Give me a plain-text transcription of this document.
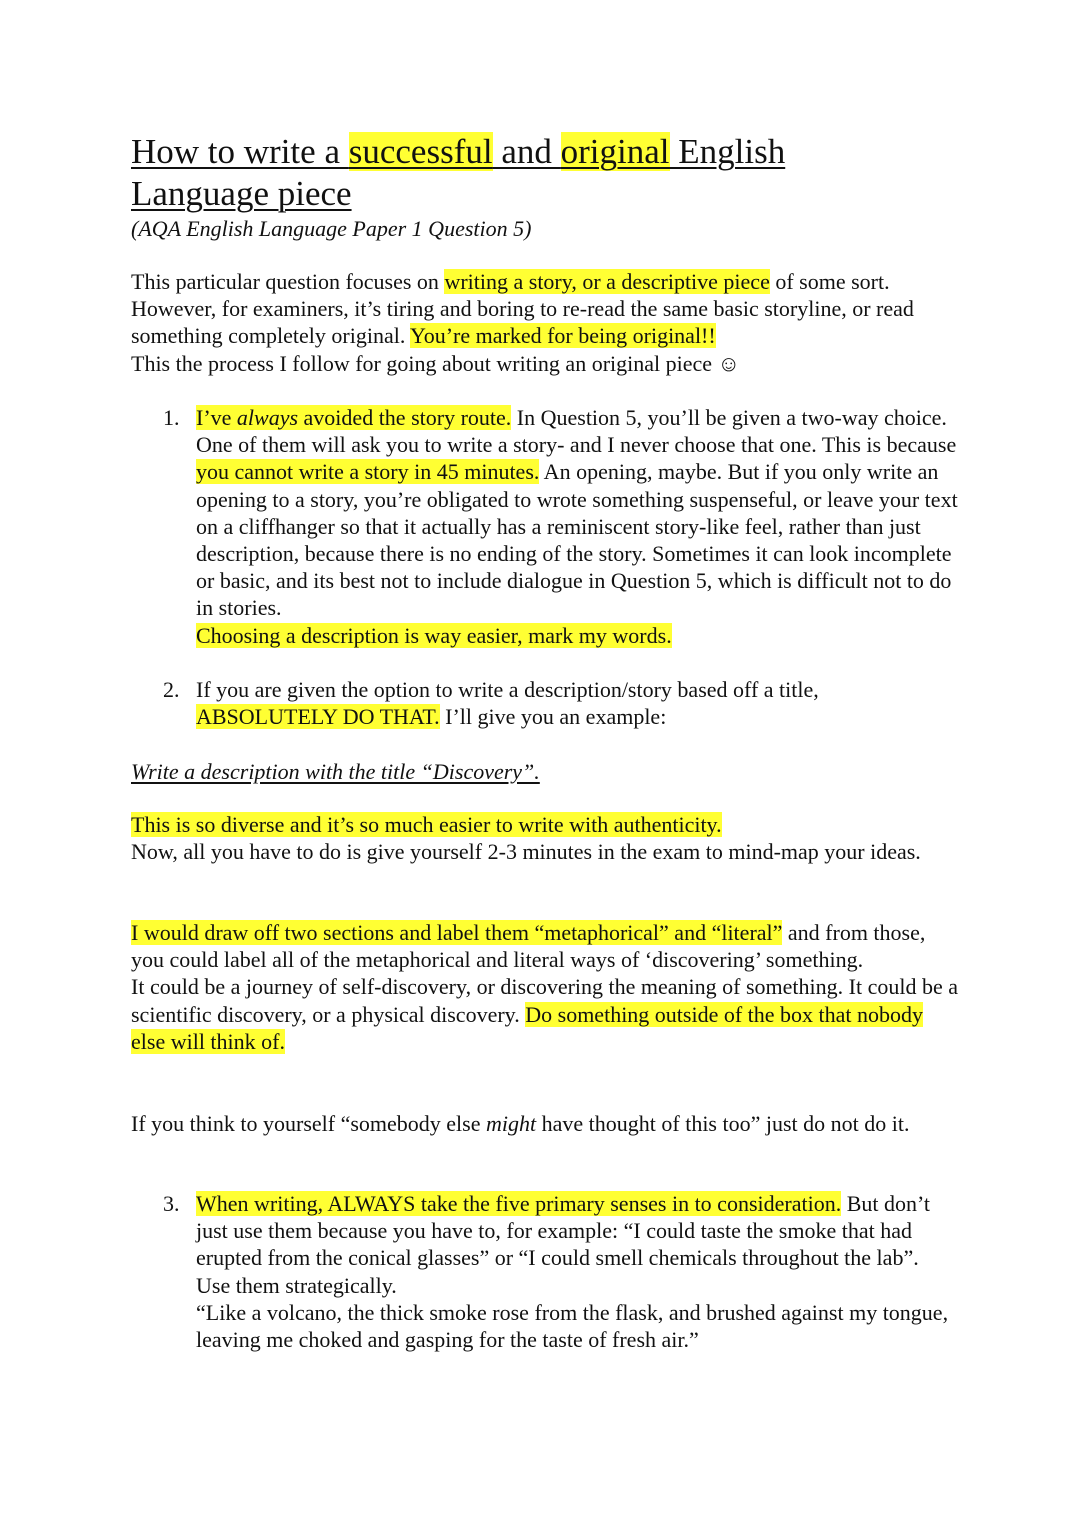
How to write a successful and original English Language piece
(AQA English Language Paper 1 Question 5)
This particular question focuses on writing a story, or a descriptive piece of some sort. However, for examiners, it’s tiring and boring to re-read the same basic storyline, or read something completely original. You’re marked for being original!!
This the process I follow for going about writing an original piece ☺
1. I’ve always avoided the story route. In Question 5, you’ll be given a two-way choice. One of them will ask you to write a story- and I never choose that one. This is because you cannot write a story in 45 minutes. An opening, maybe. But if you only write an opening to a story, you’re obligated to wrote something suspenseful, or leave your text on a cliffhanger so that it actually has a reminiscent story-like feel, rather than just description, because there is no ending of the story. Sometimes it can look incomplete or basic, and its best not to include dialogue in Question 5, which is difficult not to do in stories.
Choosing a description is way easier, mark my words.
2. If you are given the option to write a description/story based off a title,
ABSOLUTELY DO THAT. I’ll give you an example:
Write a description with the title “Discovery”.
This is so diverse and it’s so much easier to write with authenticity.
Now, all you have to do is give yourself 2-3 minutes in the exam to mind-map your ideas.
I would draw off two sections and label them “metaphorical” and “literal” and from those, you could label all of the metaphorical and literal ways of ‘discovering’ something.
It could be a journey of self-discovery, or discovering the meaning of something. It could be a scientific discovery, or a physical discovery. Do something outside of the box that nobody else will think of.
If you think to yourself “somebody else might have thought of this too” just do not do it.
3. When writing, ALWAYS take the five primary senses in to consideration. But don’t just use them because you have to, for example: “I could taste the smoke that had erupted from the conical glasses” or “I could smell chemicals throughout the lab”.
Use them strategically.
“Like a volcano, the thick smoke rose from the flask, and brushed against my tongue, leaving me choked and gasping for the taste of fresh air.”
